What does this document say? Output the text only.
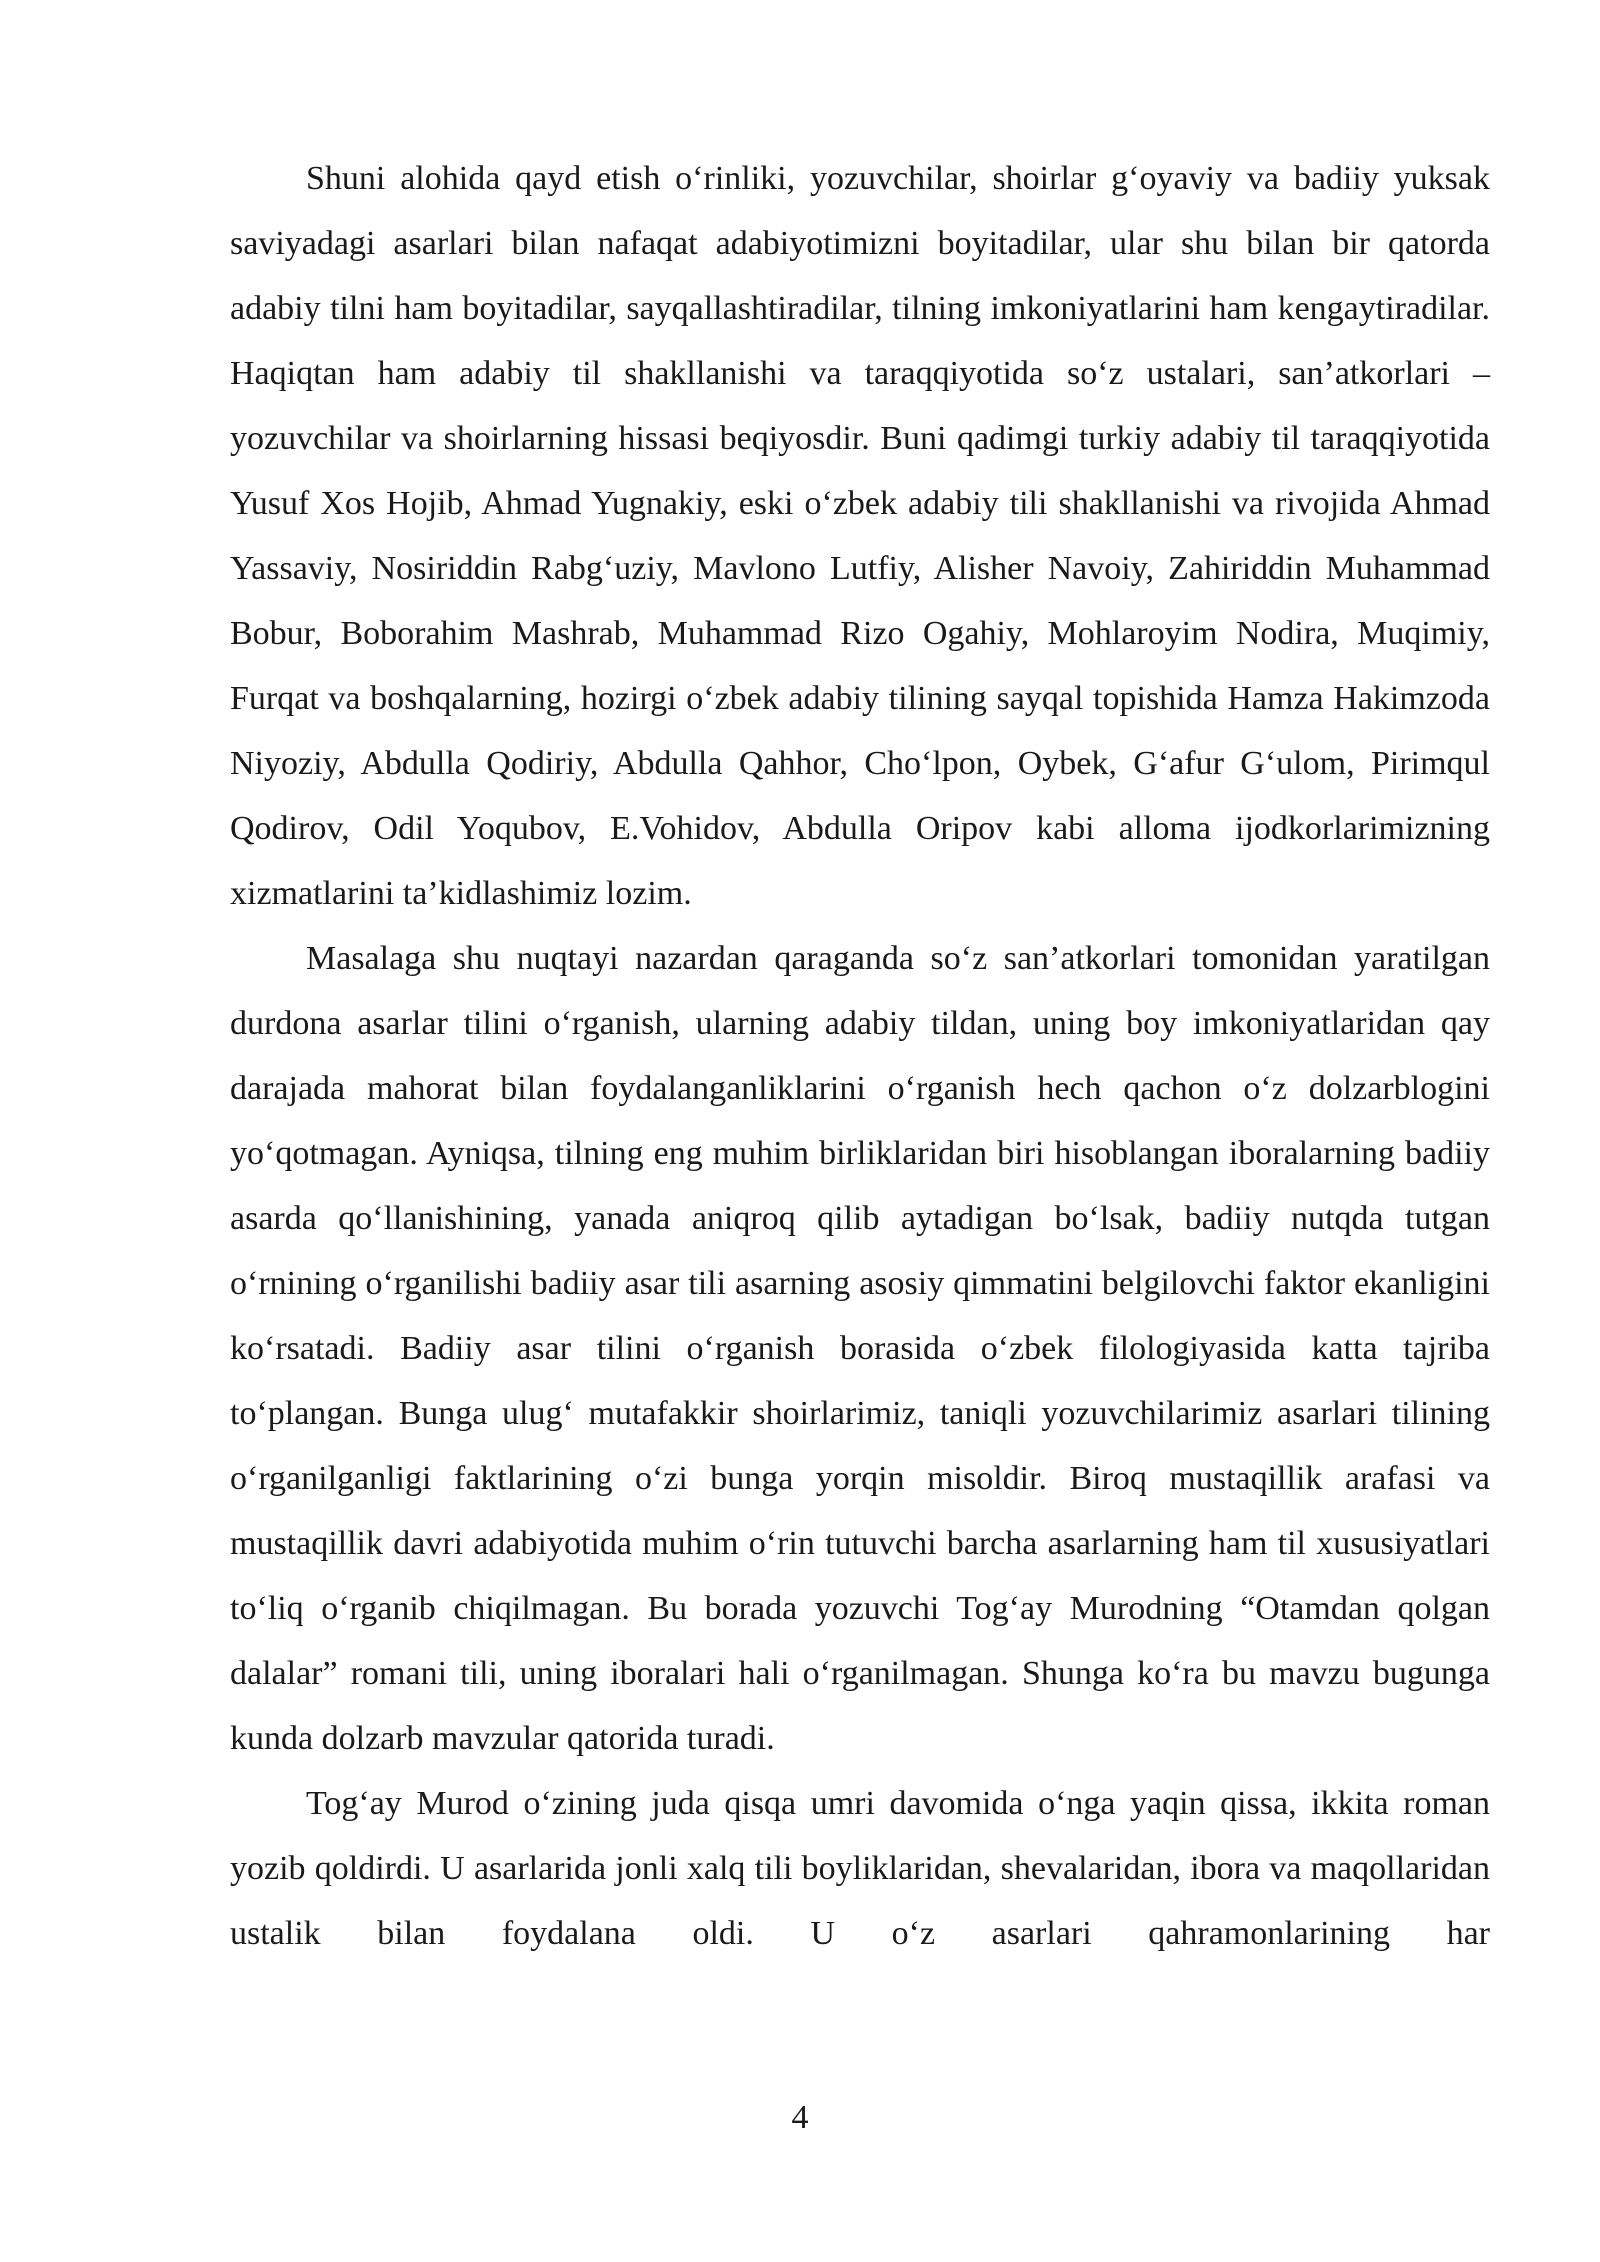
Shuni alohida qayd etish o‘rinliki, yozuvchilar, shoirlar g‘oyaviy va badiiy yuksak saviyadagi asarlari bilan nafaqat adabiyotimizni boyitadilar, ular shu bilan bir qatorda adabiy tilni ham boyitadilar, sayqallashtiradilar, tilning imkoniyatlarini ham kengaytiradilar. Haqiqtan ham adabiy til shakllanishi va taraqqiyotida so‘z ustalari, san’atkorlari – yozuvchilar va shoirlarning hissasi beqiyosdir. Buni qadimgi turkiy adabiy til taraqqiyotida Yusuf Xos Hojib, Ahmad Yugnakiy, eski o‘zbek adabiy tili shakllanishi va rivojida Ahmad Yassaviy, Nosiriddin Rabg‘uziy, Mavlono Lutfiy, Alisher Navoiy, Zahiriddin Muhammad Bobur, Boborahim Mashrab, Muhammad Rizo Ogahiy, Mohlaroyim Nodira, Muqimiy, Furqat va boshqalarning, hozirgi o‘zbek adabiy tilining sayqal topishida Hamza Hakimzoda Niyoziy, Abdulla Qodiriy, Abdulla Qahhor, Cho‘lpon, Oybek, G‘afur G‘ulom, Pirimqul Qodirov, Odil Yoqubov, E.Vohidov, Abdulla Oripov kabi alloma ijodkorlarimizning xizmatlarini ta’kidlashimiz lozim.

Masalaga shu nuqtayi nazardan qaraganda so‘z san’atkorlari tomonidan yaratilgan durdona asarlar tilini o‘rganish, ularning adabiy tildan, uning boy imkoniyatlaridan qay darajada mahorat bilan foydalanganliklarini o‘rganish hech qachon o‘z dolzarblogini yo‘qotmagan. Ayniqsa, tilning eng muhim birliklaridan biri hisoblangan iboralarning badiiy asarda qo‘llanishining, yanada aniqroq qilib aytadigan bo‘lsak, badiiy nutqda tutgan o‘rnining o‘rganilishi badiiy asar tili asarning asosiy qimmatini belgilovchi faktor ekanligini ko‘rsatadi. Badiiy asar tilini o‘rganish borasida o‘zbek filologiyasida katta tajriba to‘plangan. Bunga ulug‘ mutafakkir shoirlarimiz, taniqli yozuvchilarimiz asarlari tilining o‘rganilganligi faktlarining o‘zi bunga yorqin misoldir. Biroq mustaqillik arafasi va mustaqillik davri adabiyotida muhim o‘rin tutuvchi barcha asarlarning ham til xususiyatlari to‘liq o‘rganib chiqilmagan. Bu borada yozuvchi Tog‘ay Murodning “Otamdan qolgan dalalar” romani tili, uning iboralari hali o‘rganilmagan. Shunga ko‘ra bu mavzu bugunga kunda dolzarb mavzular qatorida turadi.

Tog‘ay Murod o‘zining juda qisqa umri davomida o‘nga yaqin qissa, ikkita roman yozib qoldirdi. U asarlarida jonli xalq tili boyliklaridan, shevalaridan, ibora va maqollaridan ustalik bilan foydalana oldi. U o‘z asarlari qahramonlarining har

4
